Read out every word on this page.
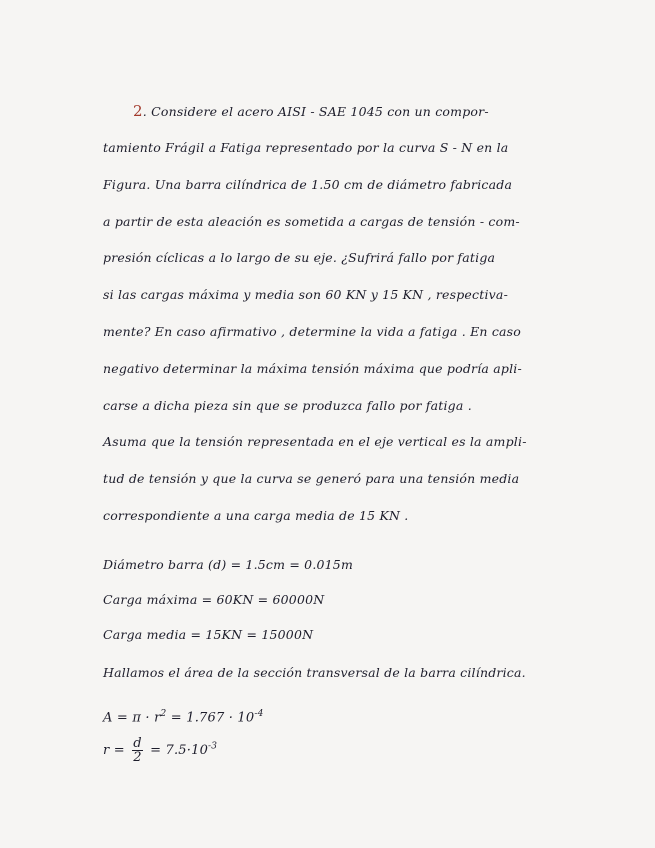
2. Considere el acero AISI - SAE 1045 con un compor-
tamiento Frágil a Fatiga representado por la curva S - N en la
Figura. Una barra cilíndrica de 1.50 cm de diámetro fabricada
a partir de esta aleación es sometida a cargas de tensión - com-
presión cíclicas a lo largo de su eje. ¿Sufrirá fallo por fatiga
si las cargas máxima y media son 60 KN y 15 KN , respectiva-
mente? En caso afirmativo , determine la vida a fatiga . En caso
negativo determinar la máxima tensión máxima que podría apli-
carse a dicha pieza sin que se produzca fallo por fatiga .
Asuma que la tensión representada en el eje vertical es la ampli-
tud de tensión y que la curva se generó para una tensión media
correspondiente a una carga media de 15 KN .
Diámetro barra (d) = 1.5cm = 0.015m
Carga máxima = 60KN = 60000N
Carga media = 15KN = 15000N
Hallamos el área de la sección transversal de la barra cilíndrica.
$A = \pi \cdot r^2 = 1.767 \cdot 10^{-4}$
$r = \frac{d}{2} = 7.5\cdot 10^{-3}$
